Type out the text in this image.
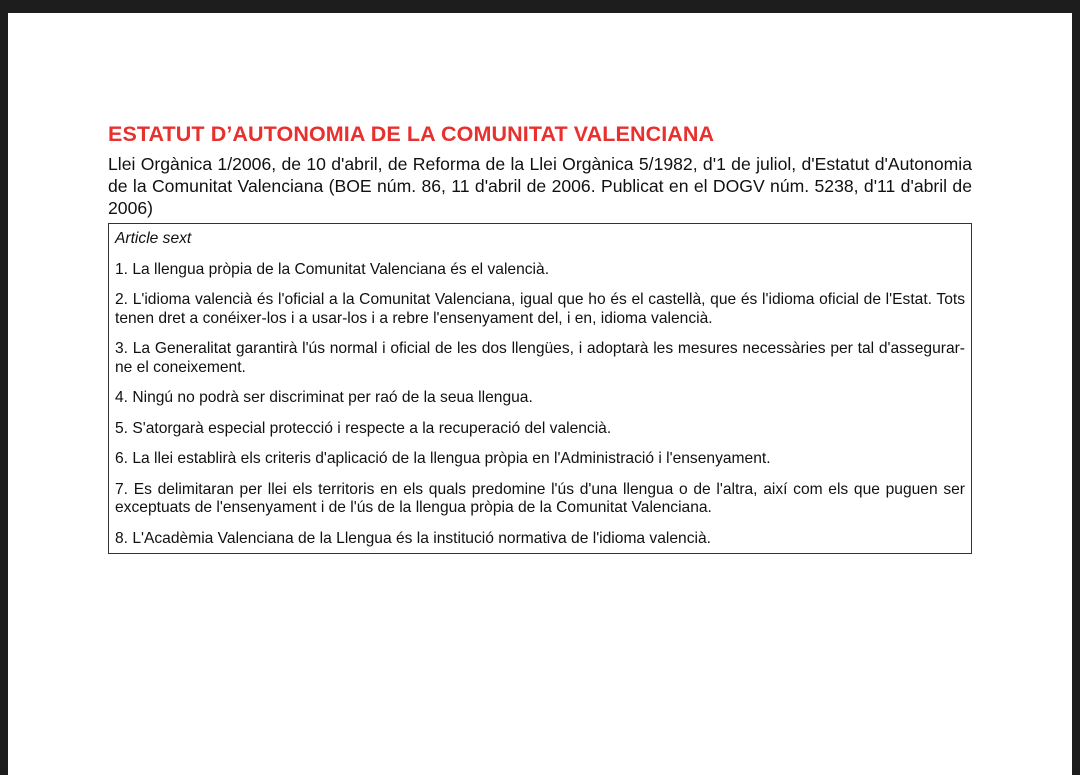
ESTATUT D’AUTONOMIA DE LA COMUNITAT VALENCIANA

Llei Orgànica 1/2006, de 10 d'abril, de Reforma de la Llei Orgànica 5/1982, d'1 de juliol, d'Estatut d'Autonomia de la Comunitat Valenciana (BOE núm. 86, 11 d'abril de 2006. Publicat en el DOGV núm. 5238, d'11 d'abril de 2006)

Article sext

1. La llengua pròpia de la Comunitat Valenciana és el valencià.

2. L'idioma valencià és l'oficial a la Comunitat Valenciana, igual que ho és el castellà, que és l'idioma oficial de l'Estat. Tots tenen dret a conéixer-los i a usar-los i a rebre l'ensenyament del, i en, idioma valencià.

3. La Generalitat garantirà l'ús normal i oficial de les dos llengües, i adoptarà les mesures necessàries per tal d'assegurar-ne el coneixement.

4. Ningú no podrà ser discriminat per raó de la seua llengua.

5. S'atorgarà especial protecció i respecte a la recuperació del valencià.

6. La llei establirà els criteris d'aplicació de la llengua pròpia en l'Administració i l'ensenyament.

7. Es delimitaran per llei els territoris en els quals predomine l'ús d'una llengua o de l'altra, així com els que puguen ser exceptuats de l'ensenyament i de l'ús de la llengua pròpia de la Comunitat Valenciana.

8. L'Acadèmia Valenciana de la Llengua és la institució normativa de l'idioma valencià.
